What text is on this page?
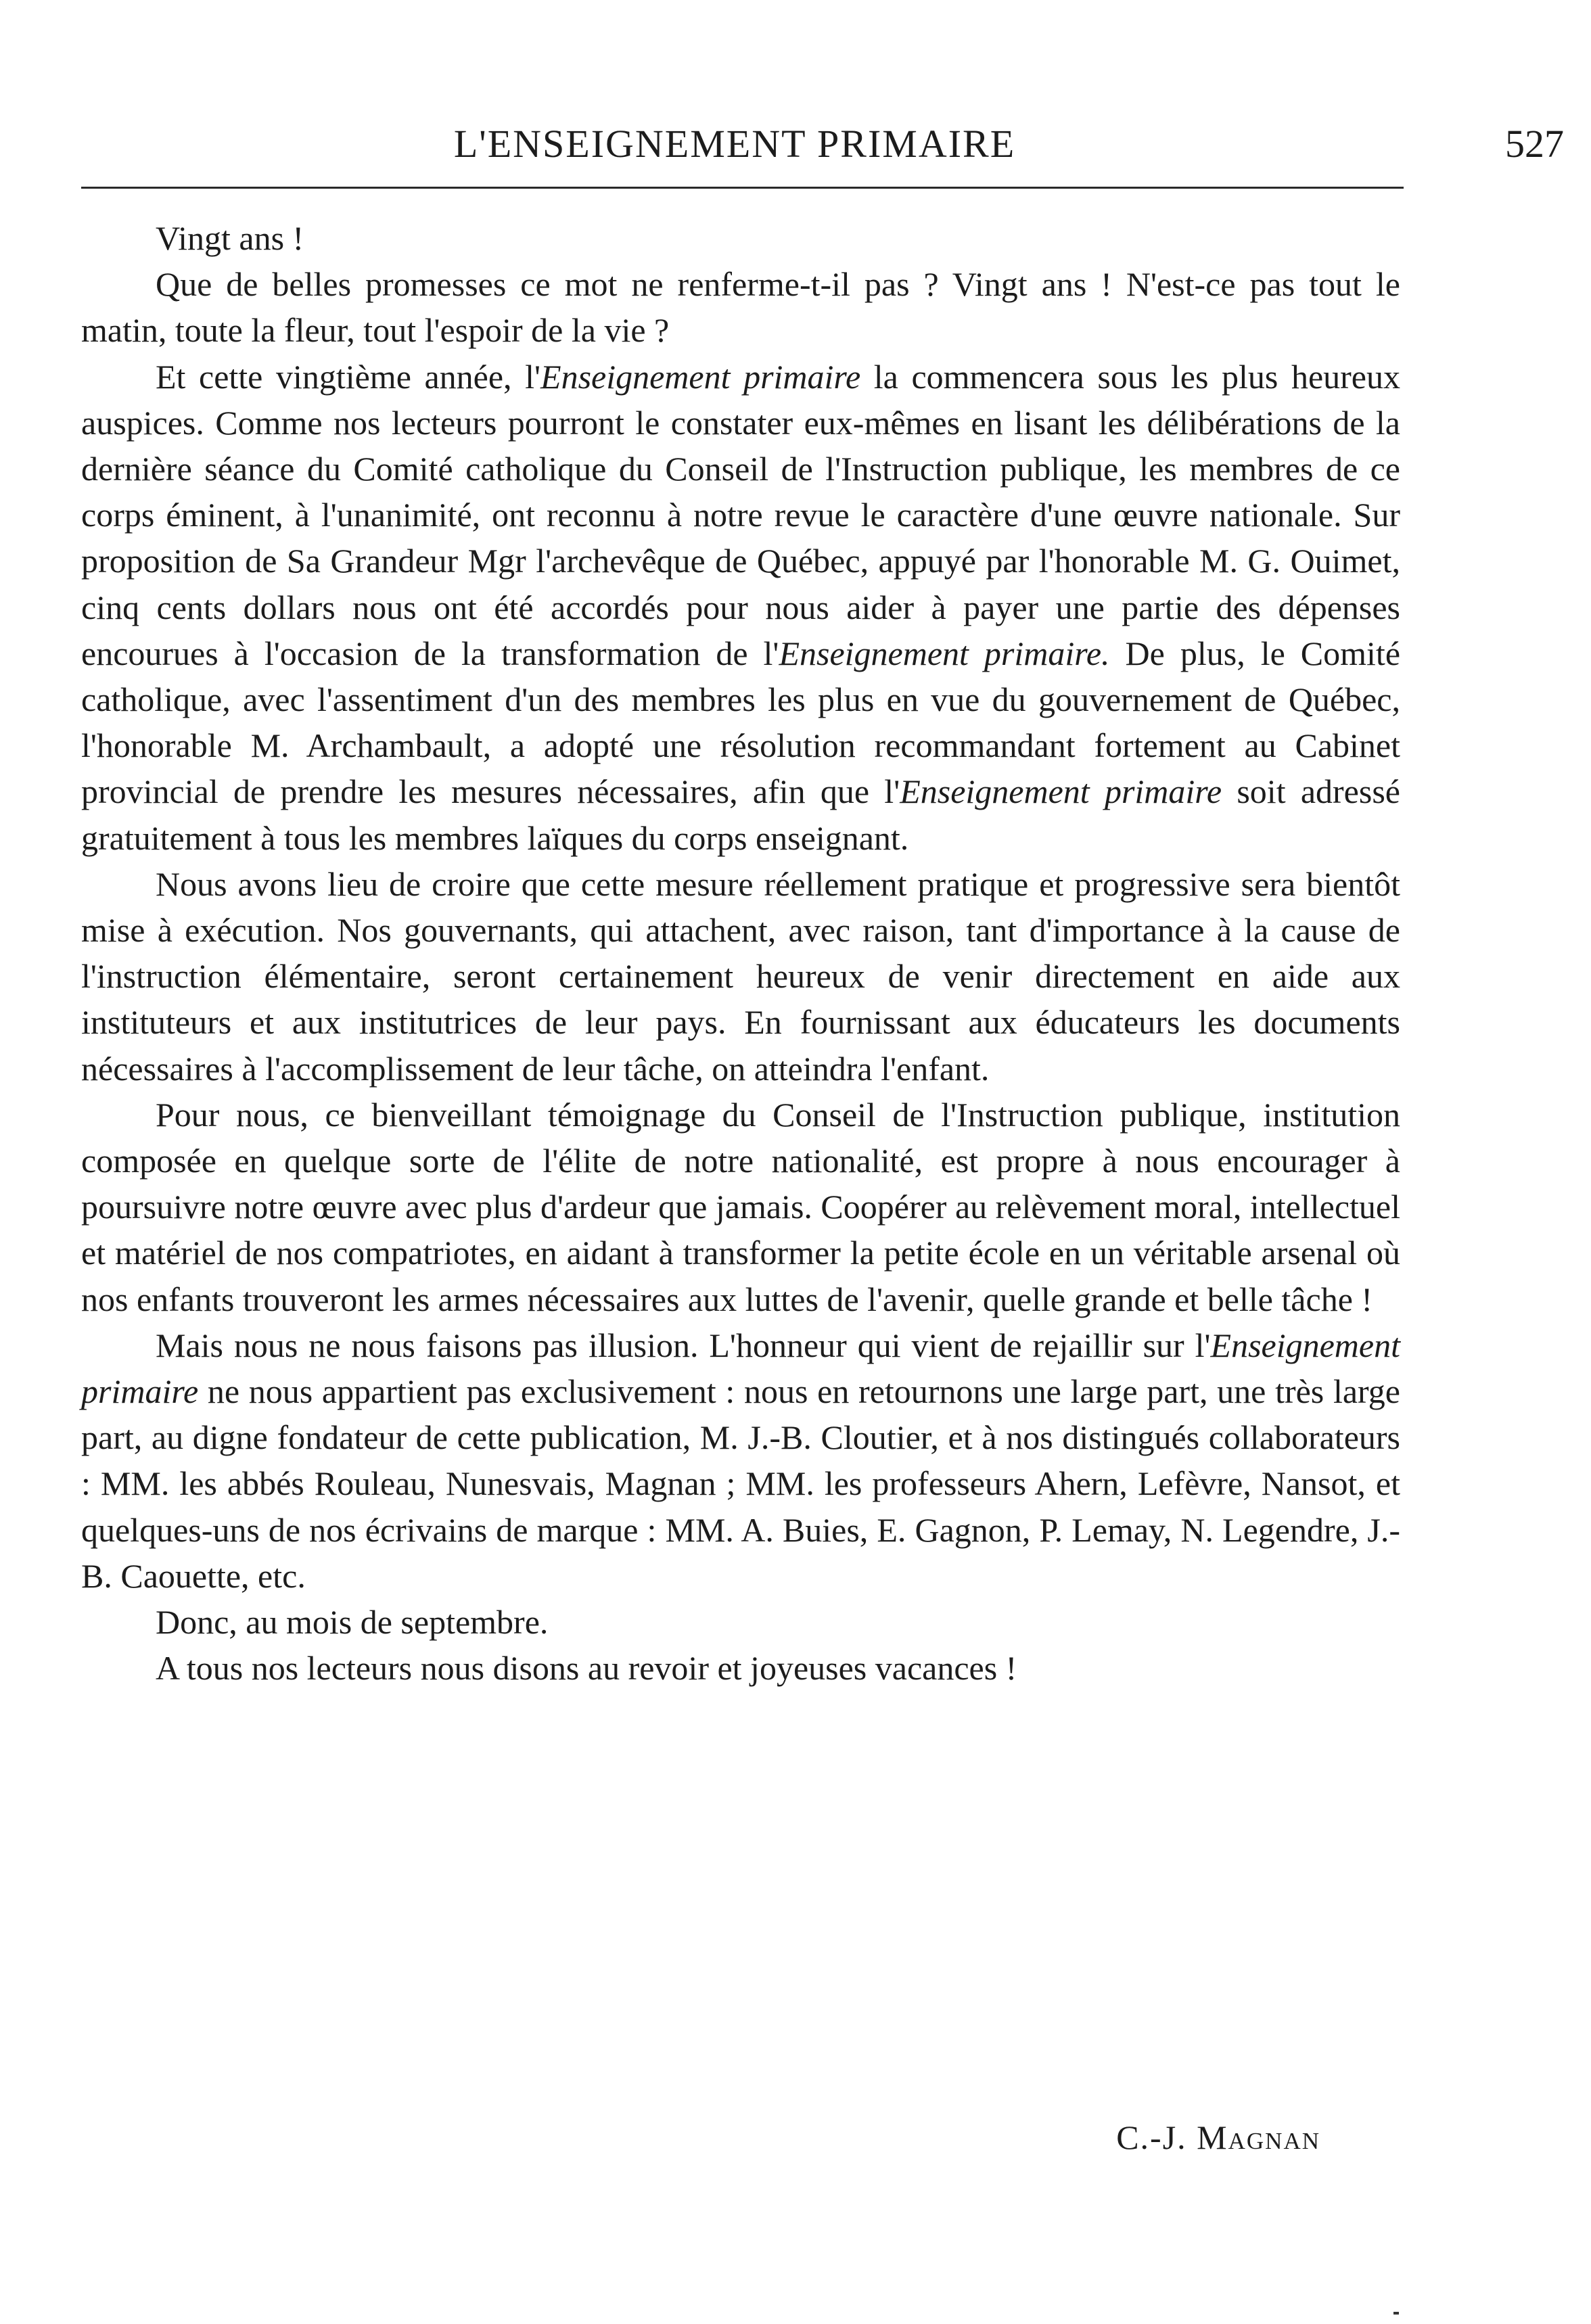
L'ENSEIGNEMENT PRIMAIRE	527

Vingt ans !

Que de belles promesses ce mot ne renferme-t-il pas ? Vingt ans ! N'est-ce pas tout le matin, toute la fleur, tout l'espoir de la vie ?

Et cette vingtième année, l'Enseignement primaire la commencera sous les plus heureux auspices. Comme nos lecteurs pourront le constater eux-mêmes en lisant les délibérations de la dernière séance du Comité catholique du Conseil de l'Instruction publique, les membres de ce corps éminent, à l'unanimité, ont reconnu à notre revue le caractère d'une œuvre nationale. Sur proposition de Sa Grandeur Mgr l'archevêque de Québec, appuyé par l'honorable M. G. Ouimet, cinq cents dollars nous ont été accordés pour nous aider à payer une partie des dépenses encourues à l'occasion de la transformation de l'Enseignement primaire. De plus, le Comité catholique, avec l'assentiment d'un des membres les plus en vue du gouvernement de Québec, l'honorable M. Archambault, a adopté une résolution recommandant fortement au Cabinet provincial de prendre les mesures nécessaires, afin que l'Enseignement primaire soit adressé gratuitement à tous les membres laïques du corps enseignant.

Nous avons lieu de croire que cette mesure réellement pratique et progressive sera bientôt mise à exécution. Nos gouvernants, qui attachent, avec raison, tant d'importance à la cause de l'instruction élémentaire, seront certainement heureux de venir directement en aide aux instituteurs et aux institutrices de leur pays. En fournissant aux éducateurs les documents nécessaires à l'accomplissement de leur tâche, on atteindra l'enfant.

Pour nous, ce bienveillant témoignage du Conseil de l'Instruction publique, institution composée en quelque sorte de l'élite de notre nationalité, est propre à nous encourager à poursuivre notre œuvre avec plus d'ardeur que jamais. Coopérer au relèvement moral, intellectuel et matériel de nos compatriotes, en aidant à transformer la petite école en un véritable arsenal où nos enfants trouveront les armes nécessaires aux luttes de l'avenir, quelle grande et belle tâche !

Mais nous ne nous faisons pas illusion. L'honneur qui vient de rejaillir sur l'Enseignement primaire ne nous appartient pas exclusivement : nous en retournons une large part, une très large part, au digne fondateur de cette publication, M. J.-B. Cloutier, et à nos distingués collaborateurs : MM. les abbés Rouleau, Nunesvais, Magnan ; MM. les professeurs Ahern, Lefèvre, Nansot, et quelques-uns de nos écrivains de marque : MM. A. Buies, E. Gagnon, P. Lemay, N. Legendre, J.-B. Caouette, etc.

Donc, au mois de septembre.

A tous nos lecteurs nous disons au revoir et joyeuses vacances !

C.-J. Magnan
